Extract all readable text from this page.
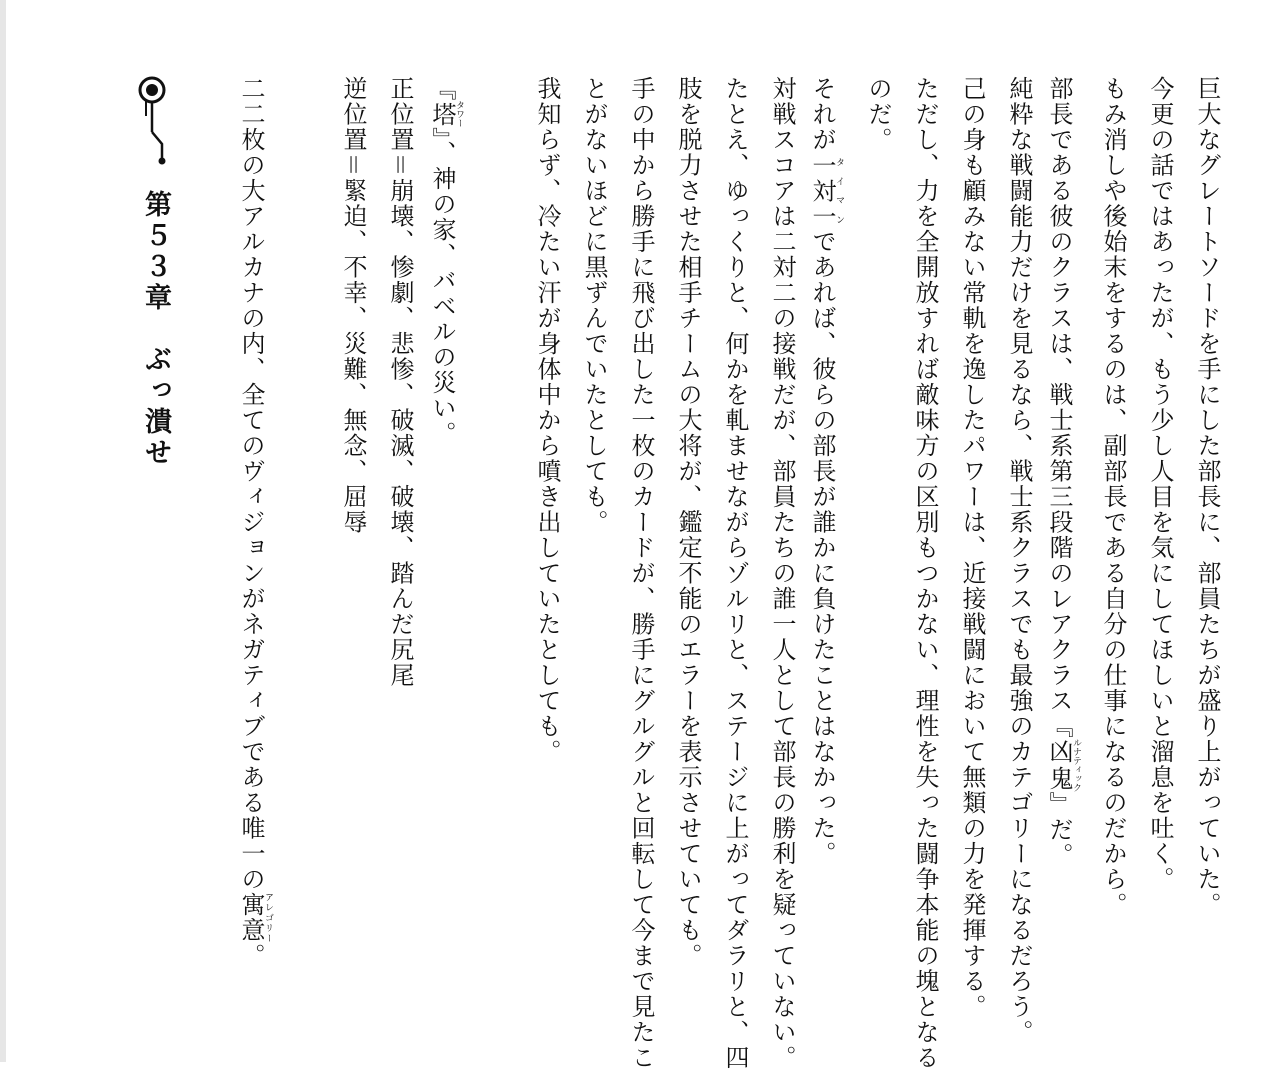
巨大なグレートソードを手にした部長に、部員たちが盛り上がっていた。
今更の話ではあったが、もう少し人目を気にしてほしいと溜息を吐く。
もみ消しや後始末をするのは、副部長である自分の仕事になるのだから。
部長である彼のクラスは、戦士系第三段階のレアクラス『凶鬼ルナティック』だ。
純粋な戦闘能力だけを見るなら、戦士系クラスでも最強のカテゴリーになるだろう。
己の身も顧みない常軌を逸したパワーは、近接戦闘において無類の力を発揮する。
ただし、力を全開放すれば敵味方の区別もつかない、理性を失った闘争本能の塊となる
のだ。
それが一対一タイマンであれば、彼らの部長が誰かに負けたことはなかった。
対戦スコアは二対二の接戦だが、部員たちの誰一人として部長の勝利を疑っていない。
たとえ、ゆっくりと、何かを軋ませながらゾルリと、ステージに上がってダラリと、四
肢を脱力させた相手チームの大将が、鑑定不能のエラーを表示させていても。
手の中から勝手に飛び出した一枚のカードが、勝手にグルグルと回転して今まで見たこ
とがないほどに黒ずんでいたとしても。
我知らず、冷たい汗が身体中から噴き出していたとしても。
『塔タワー』、神の家、バベルの災い。
正位置＝崩壊、惨劇、悲惨、破滅、破壊、踏んだ尻尾
逆位置＝緊迫、不幸、災難、無念、屈辱
二二枚の大アルカナの内、全てのヴィジョンがネガティブである唯一の寓意アレゴリー。
第５３章　ぶっ潰せ
